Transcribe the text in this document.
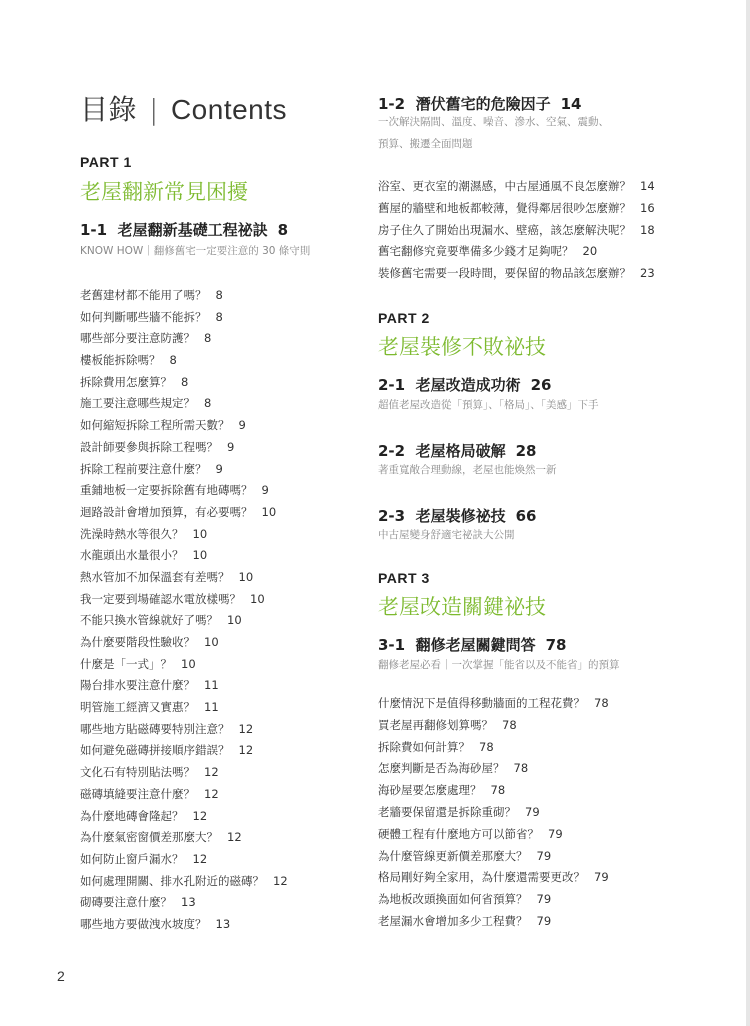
目錄 | Contents
PART 1
老屋翻新常見困擾
1-1 老屋翻新基礎工程祕訣 8
KNOW HOW｜翻修舊宅一定要注意的 30 條守則
老舊建材都不能用了嗎？ 8
如何判斷哪些牆不能拆？ 8
哪些部分要注意防護？ 8
樓板能拆除嗎？ 8
拆除費用怎麼算？ 8
施工要注意哪些規定？ 8
如何縮短拆除工程所需天數？ 9
設計師要參與拆除工程嗎？ 9
拆除工程前要注意什麼？ 9
重鋪地板一定要拆除舊有地磚嗎？ 9
迴路設計會增加預算，有必要嗎？ 10
洗澡時熱水等很久？ 10
水龍頭出水量很小？ 10
熱水管加不加保溫套有差嗎？ 10
我一定要到場確認水電放樣嗎？ 10
不能只換水管線就好了嗎？ 10
為什麼要階段性驗收？ 10
什麼是「一式」？ 10
陽台排水要注意什麼？ 11
明管施工經濟又實惠？ 11
哪些地方貼磁磚要特別注意？ 12
如何避免磁磚拼接順序錯誤？ 12
文化石有特別貼法嗎？ 12
磁磚填縫要注意什麼？ 12
為什麼地磚會隆起？ 12
為什麼氣密窗價差那麼大？ 12
如何防止窗戶漏水？ 12
如何處理開關、排水孔附近的磁磚？ 12
砌磚要注意什麼？ 13
哪些地方要做洩水坡度？ 13
1-2 潛伏舊宅的危險因子 14
一次解決隔間、溫度、噪音、滲水、空氣、震動、
預算、搬遷全面問題
浴室、更衣室的潮濕感，中古屋通風不良怎麼辦？ 14
舊屋的牆壁和地板都較薄，覺得鄰居很吵怎麼辦？ 16
房子住久了開始出現漏水、壁癌，該怎麼解決呢？ 18
舊宅翻修究竟要準備多少錢才足夠呢？ 20
裝修舊宅需要一段時間，要保留的物品該怎麼辦？ 23
PART 2
老屋裝修不敗祕技
2-1 老屋改造成功術 26
超值老屋改造從「預算」、「格局」、「美感」下手
2-2 老屋格局破解 28
著重寬敞合理動線，老屋也能煥然一新
2-3 老屋裝修祕技 66
中古屋變身舒適宅祕訣大公開
PART 3
老屋改造關鍵祕技
3-1 翻修老屋關鍵問答 78
翻修老屋必看｜一次掌握「能省以及不能省」的預算
什麼情況下是值得移動牆面的工程花費？ 78
買老屋再翻修划算嗎？ 78
拆除費如何計算？ 78
怎麼判斷是否為海砂屋？ 78
海砂屋要怎麼處理？ 78
老牆要保留還是拆除重砌？ 79
硬體工程有什麼地方可以節省？ 79
為什麼管線更新價差那麼大？ 79
格局剛好夠全家用，為什麼還需要更改？ 79
為地板改頭換面如何省預算？ 79
老屋漏水會增加多少工程費？ 79
2
